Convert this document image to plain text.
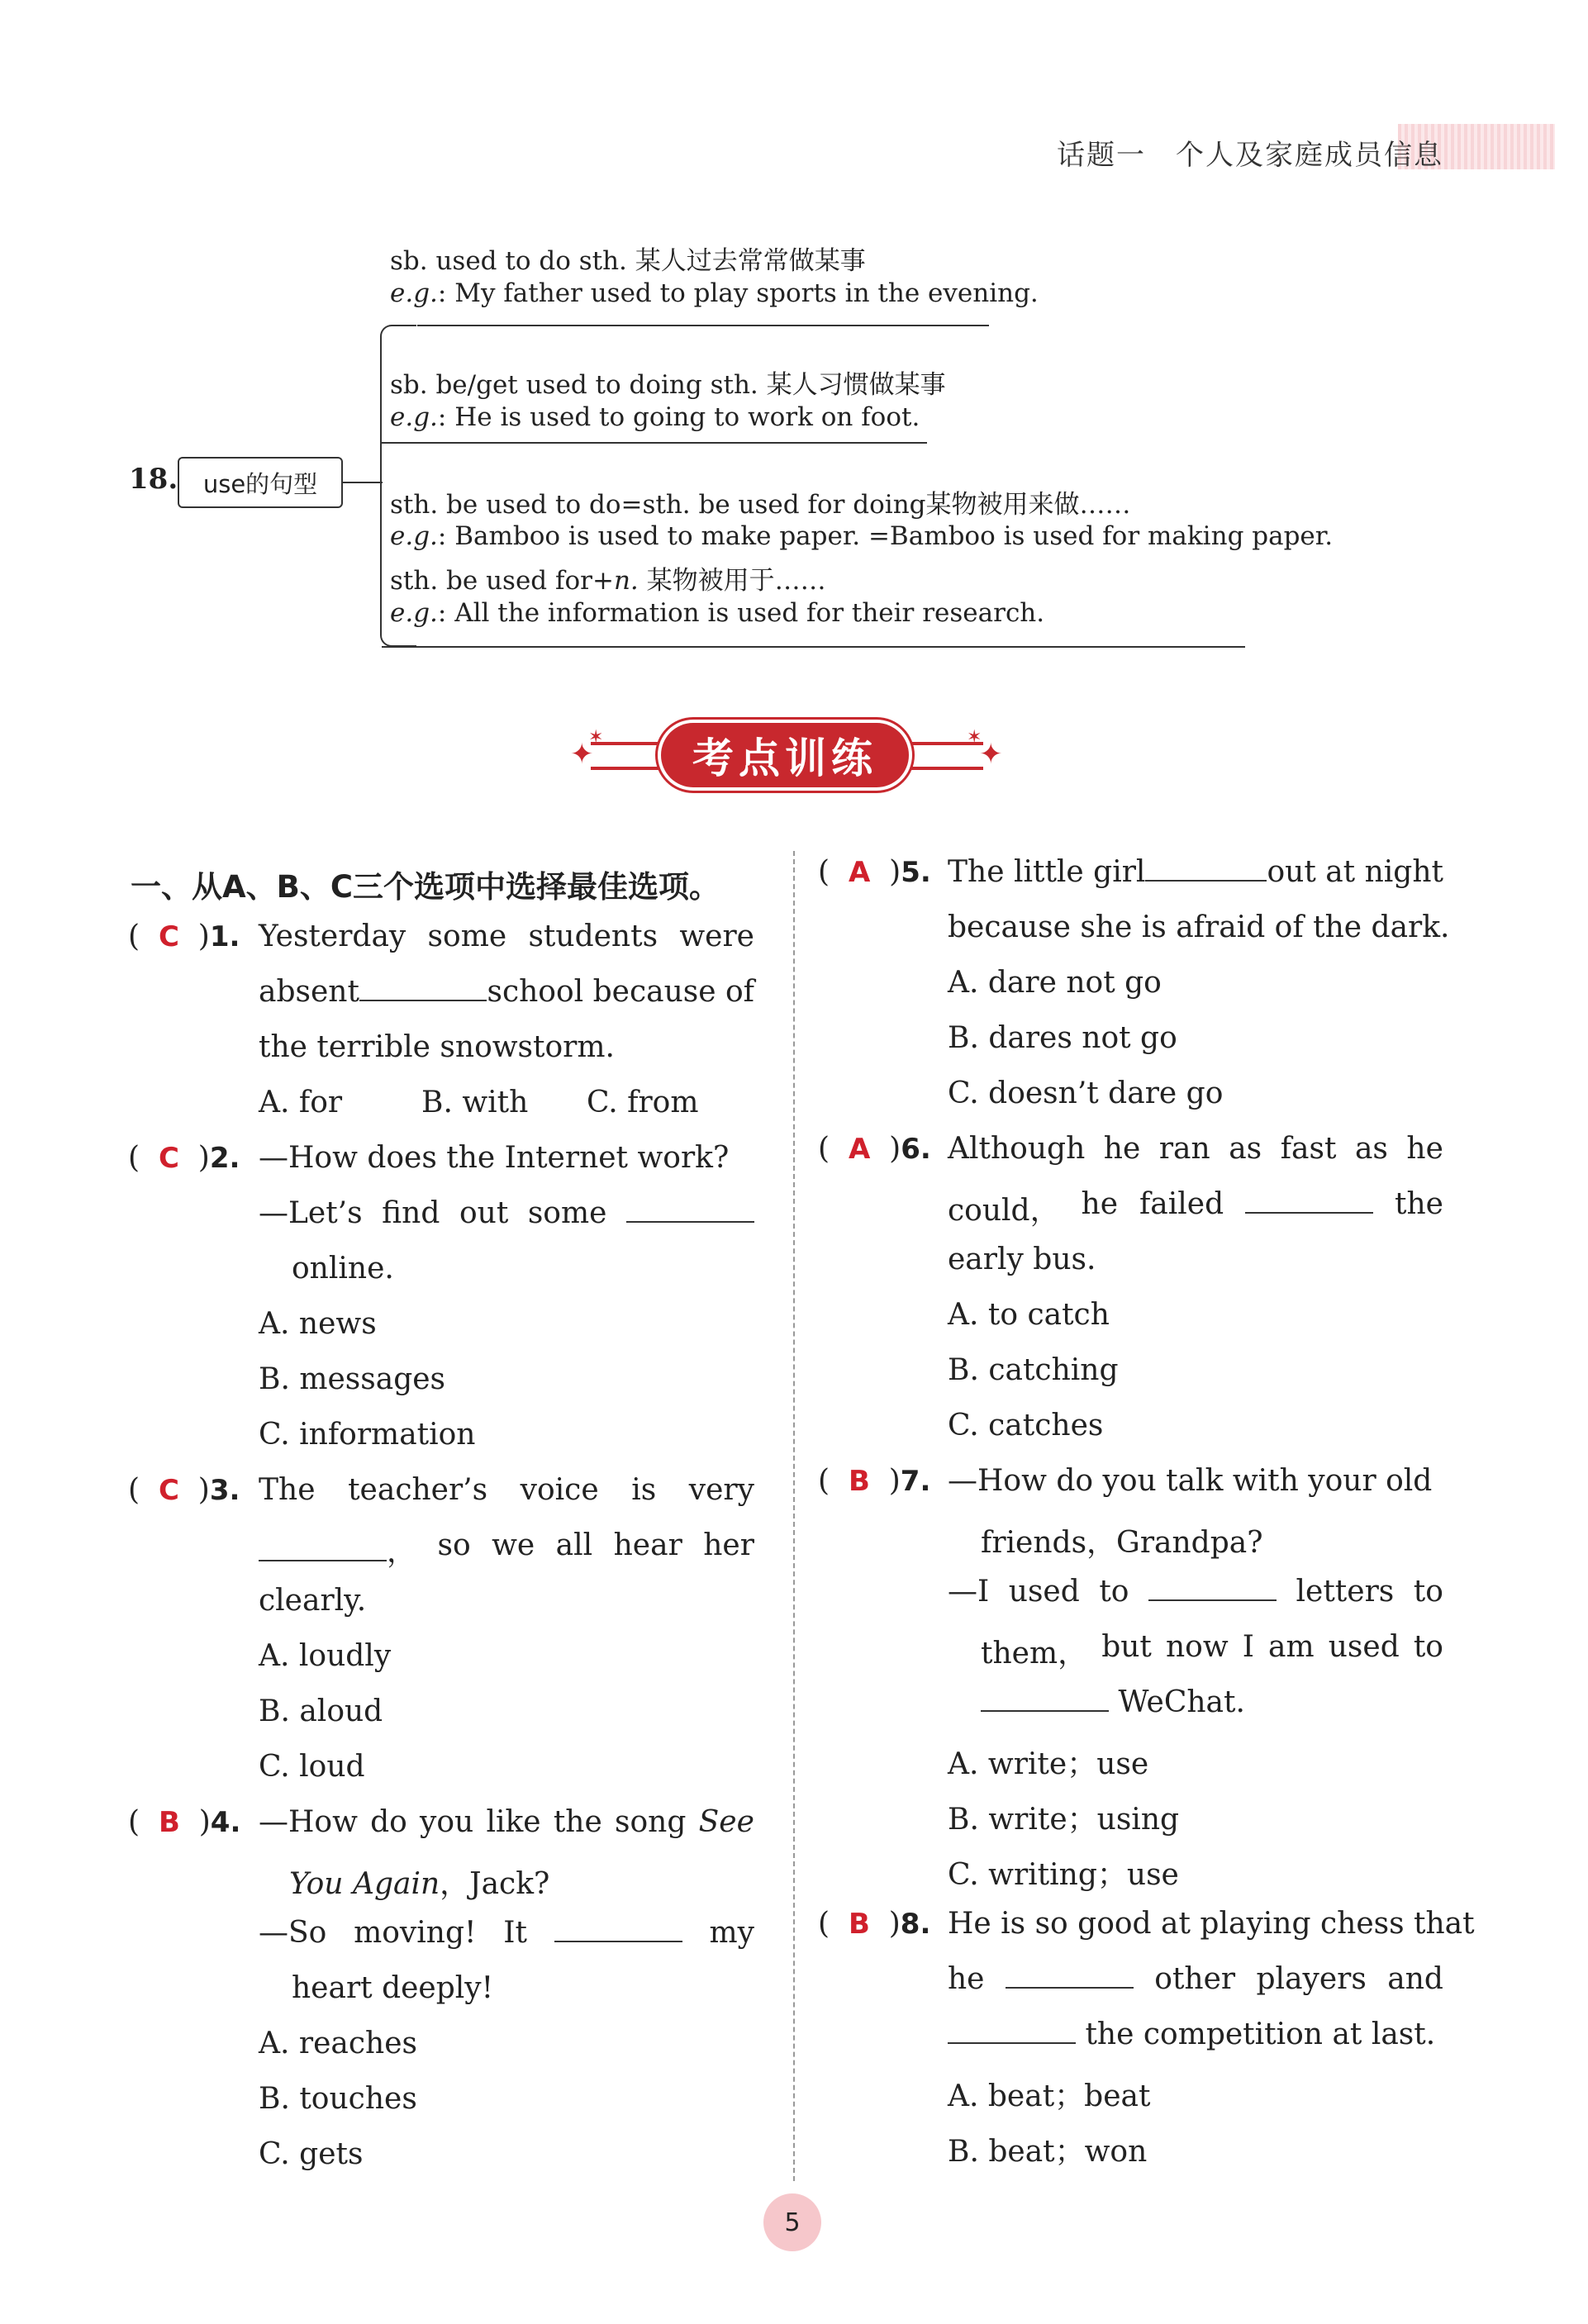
话题一　个人及家庭成员信息
18. use的句型
sb. used to do sth. 某人过去常常做某事
e.g.: My father used to play sports in the evening.
sb. be/get used to doing sth. 某人习惯做某事
e.g.: He is used to going to work on foot.
sth. be used to do=sth. be used for doing某物被用来做……
e.g.: Bamboo is used to make paper. =Bamboo is used for making paper.
sth. be used for+n. 某物被用于……
e.g.: All the information is used for their research.
✦
✶
✦
✶
考点训练
一、从A、B、C三个选项中选择最佳选项。
(  C  )1. Yesterday some students were
absent	school because of
the terrible snowstorm.
A. for	B. with C. from
(  C  )2. —How does the Internet work?
—Let’s find out some
online.
A. news
B. messages
C. information
(  C  )3. The teacher’s voice is very
， so we all hear her
clearly.
A. loudly
B. aloud
C. loud
(  B  )4. —How do you like the song See
You Again，Jack?
—So moving! It	my
heart deeply!
A. reaches
B. touches
C. gets
(  A  )5. The little girl	out at night
because she is afraid of the dark.
A. dare not go
B. dares not go
C. doesn’t dare go
(  A  )6. Although he ran as fast as he
could， he failed	the
early bus.
A. to catch
B. catching
C. catches
(  B  )7. —How do you talk with your old
friends，Grandpa?
—I used to	letters to
them， but now I am used to
WeChat.
A. write；use
B. write；using
C. writing；use
(  B  )8. He is so good at playing chess that
he	other players and
the competition at last.
A. beat；beat
B. beat；won
5
